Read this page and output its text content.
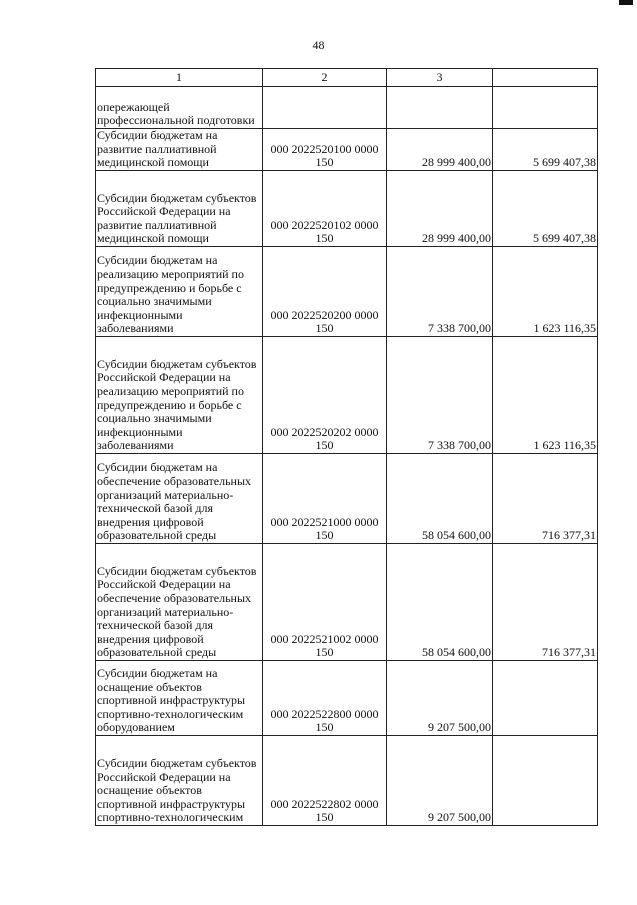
48
1	2	3	
опережающей профессиональной подготовки			
Субсидии бюджетам на развитие паллиативной медицинской помощи	000 2022520100 0000 150	28 999 400,00	5 699 407,38
Субсидии бюджетам субъектов Российской Федерации на развитие паллиативной медицинской помощи	000 2022520102 0000 150	28 999 400,00	5 699 407,38
Субсидии бюджетам на реализацию мероприятий по предупреждению и борьбе с социально значимыми инфекционными заболеваниями	000 2022520200 0000 150	7 338 700,00	1 623 116,35
Субсидии бюджетам субъектов Российской Федерации на реализацию мероприятий по предупреждению и борьбе с социально значимыми инфекционными заболеваниями	000 2022520202 0000 150	7 338 700,00	1 623 116,35
Субсидии бюджетам на обеспечение образовательных организаций материально-технической базой для внедрения цифровой образовательной среды	000 2022521000 0000 150	58 054 600,00	716 377,31
Субсидии бюджетам субъектов Российской Федерации на обеспечение образовательных организаций материально-технической базой для внедрения цифровой образовательной среды	000 2022521002 0000 150	58 054 600,00	716 377,31
Субсидии бюджетам на оснащение объектов спортивной инфраструктуры спортивно-технологическим оборудованием	000 2022522800 0000 150	9 207 500,00	
Субсидии бюджетам субъектов Российской Федерации на оснащение объектов спортивной инфраструктуры спортивно-технологическим	000 2022522802 0000 150	9 207 500,00	
